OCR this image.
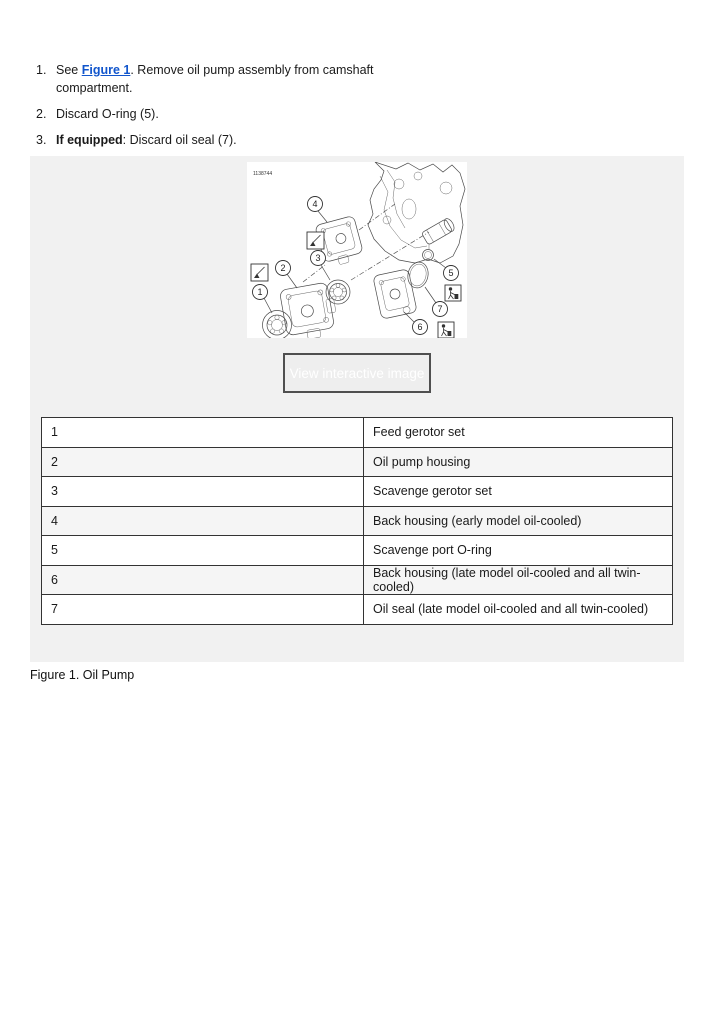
1. See Figure 1. Remove oil pump assembly from camshaft compartment.
2. Discard O-ring (5).
3. If equipped: Discard oil seal (7).
1138744
1
2
3
4
5
6
7
View interactive image
1	Feed gerotor set
2	Oil pump housing
3	Scavenge gerotor set
4	Back housing (early model oil-cooled)
5	Scavenge port O-ring
6	Back housing (late model oil-cooled and all twin-cooled)
7	Oil seal (late model oil-cooled and all twin-cooled)
Figure 1. Oil Pump
